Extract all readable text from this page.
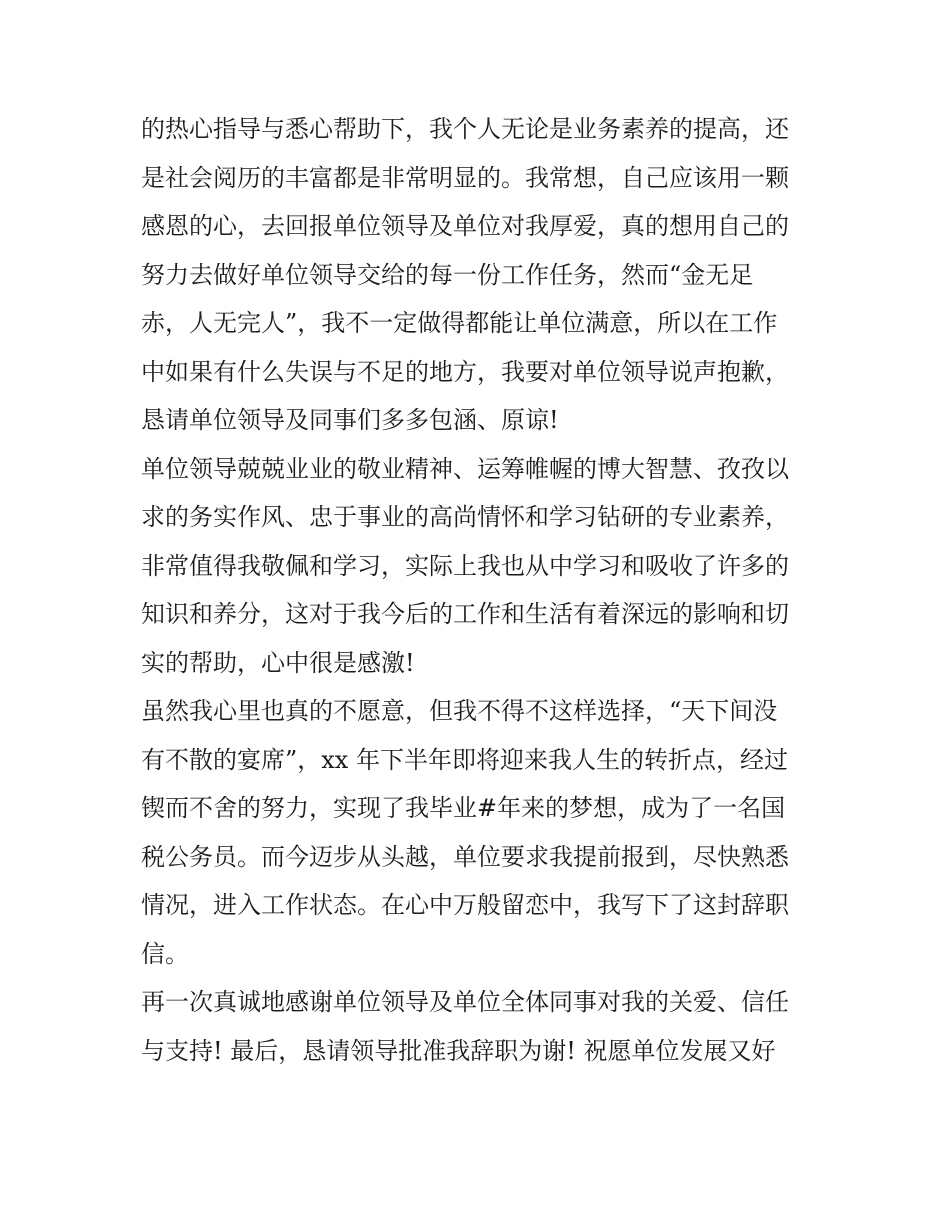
的热心指导与悉心帮助下，我个人无论是业务素养的提高，还
是社会阅历的丰富都是非常明显的。我常想，自己应该用一颗
感恩的心，去回报单位领导及单位对我厚爱，真的想用自己的
努力去做好单位领导交给的每一份工作任务，然而“金无足
赤，人无完人”，我不一定做得都能让单位满意，所以在工作
中如果有什么失误与不足的地方，我要对单位领导说声抱歉，
恳请单位领导及同事们多多包涵、原谅!
单位领导兢兢业业的敬业精神、运筹帷幄的博大智慧、孜孜以
求的务实作风、忠于事业的高尚情怀和学习钻研的专业素养，
非常值得我敬佩和学习，实际上我也从中学习和吸收了许多的
知识和养分，这对于我今后的工作和生活有着深远的影响和切
实的帮助，心中很是感激!
虽然我心里也真的不愿意，但我不得不这样选择，“天下间没
有不散的宴席”，xx 年下半年即将迎来我人生的转折点，经过
锲而不舍的努力，实现了我毕业#年来的梦想，成为了一名国
税公务员。而今迈步从头越，单位要求我提前报到，尽快熟悉
情况，进入工作状态。在心中万般留恋中，我写下了这封辞职
信。
再一次真诚地感谢单位领导及单位全体同事对我的关爱、信任
与支持! 最后，恳请领导批准我辞职为谢! 祝愿单位发展又好
